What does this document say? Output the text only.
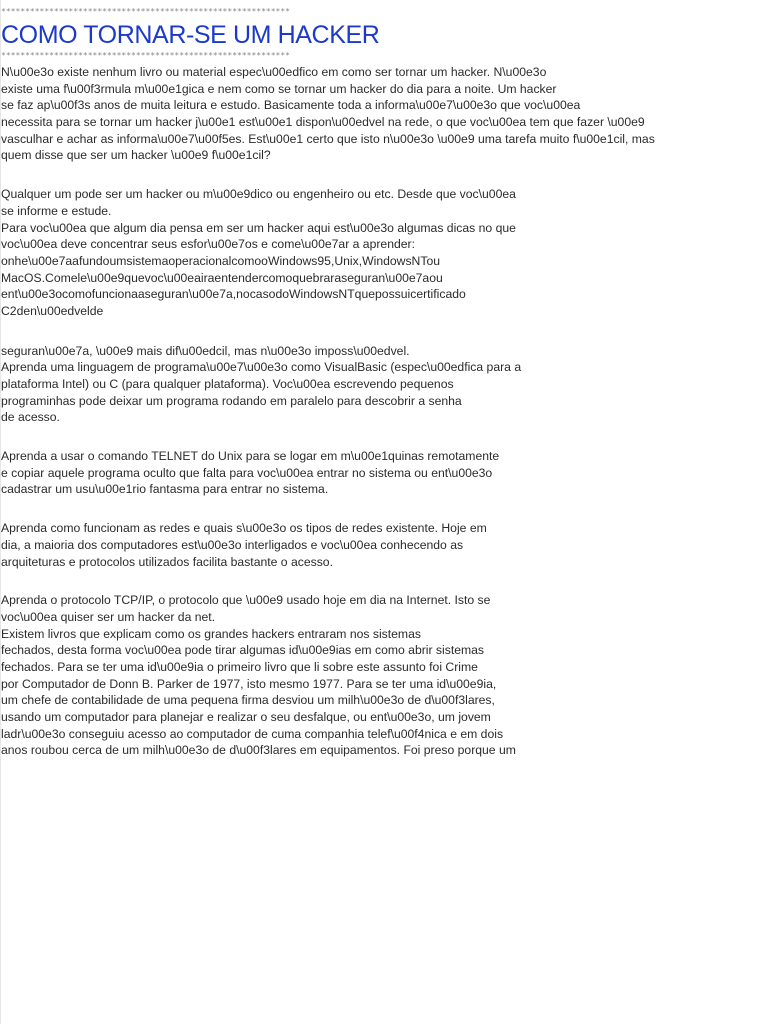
************************************************************
COMO TORNAR-SE UM HACKER
************************************************************
N\u00e3o existe nenhum livro ou material espec\u00edfico em como ser tornar um hacker. N\u00e3o
existe uma f\u00f3rmula m\u00e1gica e nem como se tornar um hacker do dia para a noite. Um hacker
se faz ap\u00f3s anos de muita leitura e estudo. Basicamente toda a informa\u00e7\u00e3o que voc\u00ea
necessita para se tornar um hacker j\u00e1 est\u00e1 dispon\u00edvel na rede, o que voc\u00ea tem que fazer \u00e9
vasculhar e achar as informa\u00e7\u00f5es. Est\u00e1 certo que isto n\u00e3o \u00e9 uma tarefa muito f\u00e1cil, mas
quem disse que ser um hacker \u00e9 f\u00e1cil?
Qualquer um pode ser um hacker ou m\u00e9dico ou engenheiro ou etc. Desde que voc\u00ea
se informe e estude.
Para voc\u00ea que algum dia pensa em ser um hacker aqui est\u00e3o algumas dicas no que
voc\u00ea deve concentrar seus esfor\u00e7os e come\u00e7ar a aprender:
onhe\u00e7aafundoumsistemaoperacionalcomooWindows95,Unix,WindowsNTou
MacOS.Comele\u00e9quevoc\u00eairaentendercomoquebraraseguran\u00e7aou
ent\u00e3ocomofuncionaaseguran\u00e7a,nocasodoWindowsNTquepossuicertificado
C2den\u00edvelde
seguran\u00e7a, \u00e9 mais dif\u00edcil, mas n\u00e3o imposs\u00edvel.
Aprenda uma linguagem de programa\u00e7\u00e3o como VisualBasic (espec\u00edfica para a
plataforma Intel) ou C (para qualquer plataforma). Voc\u00ea escrevendo pequenos
programinhas pode deixar um programa rodando em paralelo para descobrir a senha
de acesso.
Aprenda a usar o comando TELNET do Unix para se logar em m\u00e1quinas remotamente
e copiar aquele programa oculto que falta para voc\u00ea entrar no sistema ou ent\u00e3o
cadastrar um usu\u00e1rio fantasma para entrar no sistema.
Aprenda como funcionam as redes e quais s\u00e3o os tipos de redes existente. Hoje em
dia, a maioria dos computadores est\u00e3o interligados e voc\u00ea conhecendo as
arquiteturas e protocolos utilizados facilita bastante o acesso.
Aprenda o protocolo TCP/IP, o protocolo que \u00e9 usado hoje em dia na Internet. Isto se
voc\u00ea quiser ser um hacker da net.
Existem livros que explicam como os grandes hackers entraram nos sistemas
fechados, desta forma voc\u00ea pode tirar algumas id\u00e9ias em como abrir sistemas
fechados. Para se ter uma id\u00e9ia o primeiro livro que li sobre este assunto foi Crime
por Computador de Donn B. Parker de 1977, isto mesmo 1977. Para se ter uma id\u00e9ia,
um chefe de contabilidade de uma pequena firma desviou um milh\u00e3o de d\u00f3lares,
usando um computador para planejar e realizar o seu desfalque, ou ent\u00e3o, um jovem
ladr\u00e3o conseguiu acesso ao computador de cuma companhia telef\u00f4nica e em dois
anos roubou cerca de um milh\u00e3o de d\u00f3lares em equipamentos. Foi preso porque um
